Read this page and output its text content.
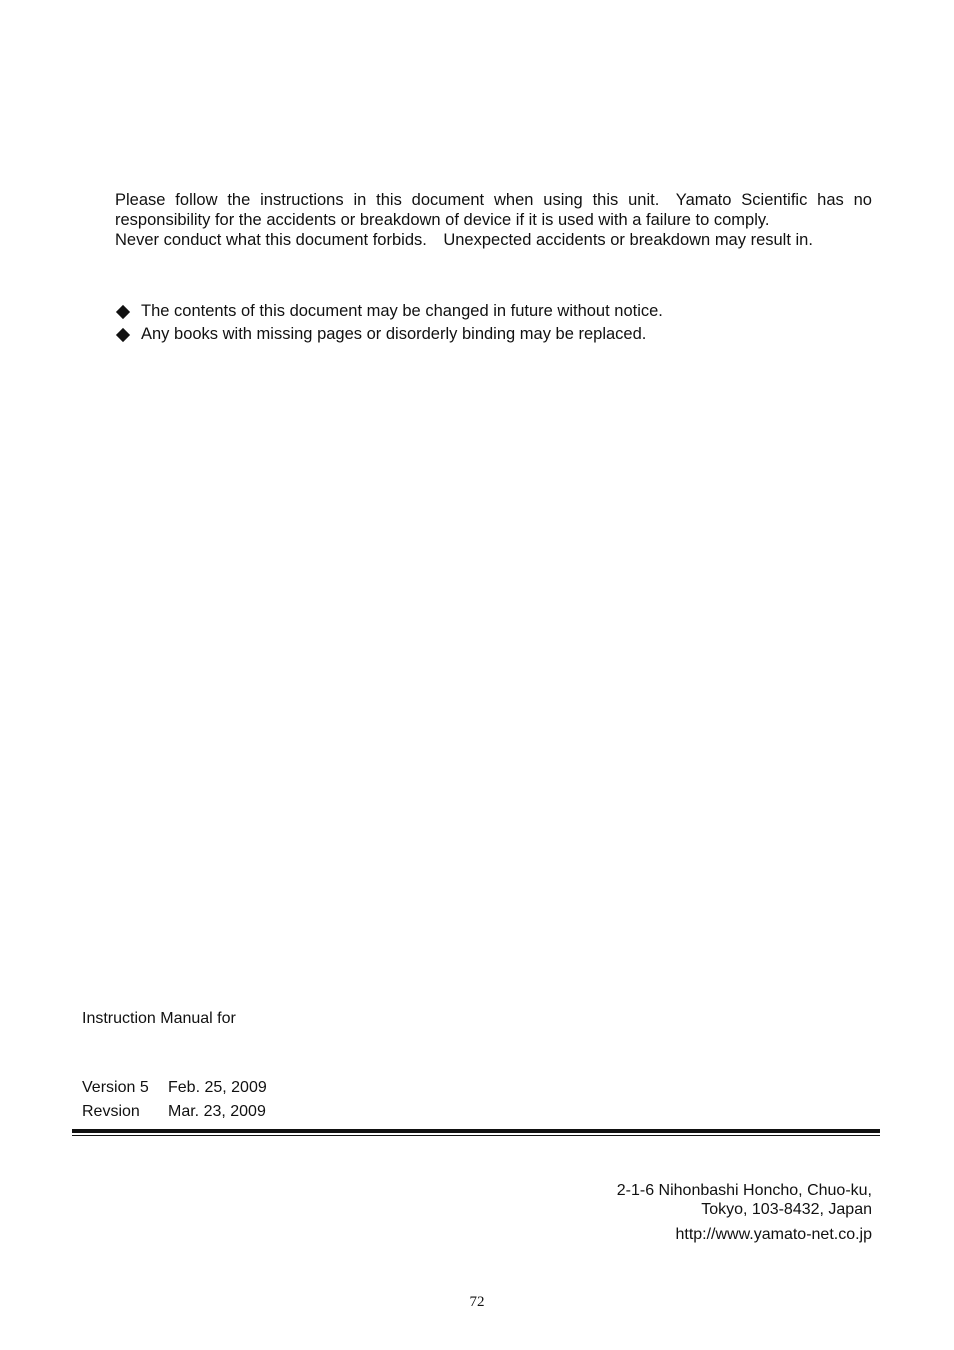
Please follow the instructions in this document when using this unit. Yamato Scientific has no responsibility for the accidents or breakdown of device if it is used with a failure to comply.

Never conduct what this document forbids. Unexpected accidents or breakdown may result in.

The contents of this document may be changed in future without notice.
Any books with missing pages or disorderly binding may be replaced.

Instruction Manual for

Version 5	Feb. 25, 2009
Revsion	Mar. 23, 2009
2-1-6 Nihonbashi Honcho, Chuo-ku,
Tokyo, 103-8432, Japan
http://www.yamato-net.co.jp
72
